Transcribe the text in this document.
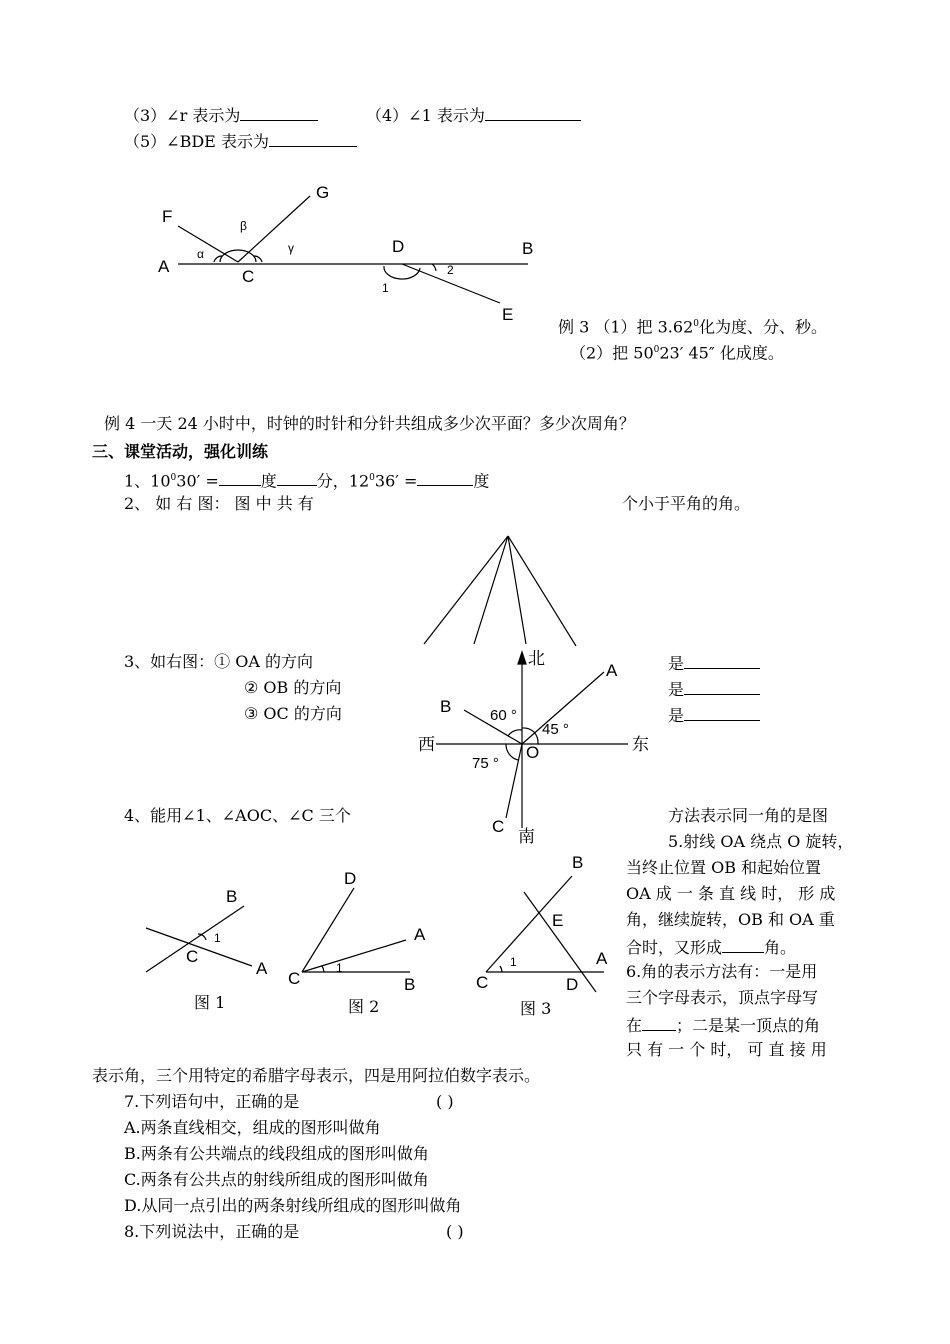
（3）∠r 表示为	（4）∠1 表示为
（5）∠BDE 表示为
F
G
A
C
D	B
E
α
β
γ
1
2
例 3 （1）把 3.62$^0$化为度、分、秒。
（2）把 $50^023'$ 45″ 化成度。
例 4 一天 24 小时中，时钟的时针和分针共组成多少次平面？多少次周角？
三、课堂活动，强化训练
1、$10^030'$ =	度	分，$12^036'$ =	度
2、 如 右 图： 图 中 共 有	个小于平角的角。
3、如右图：① OA 的方向
② OB 的方向
③ OC 的方向
是
是
是
北
南
西	东
A
B
C
O
60 °
45 °
75 °
4、能用∠1、∠AOC、∠C 三个	方法表示同一角的是图
5.射线 OA 绕点 O 旋转，
当终止位置 OB 和起始位置
OA 成 一 条 直 线 时， 形 成
角，继续旋转，OB 和 OA 重
合时，又形成	角。
6.角的表示方法有：一是用
三个字母表示，顶点字母写
在 ；二是某一顶点的角
只 有 一 个 时， 可 直 接 用
表示角，三个用特定的希腊字母表示，四是用阿拉伯数字表示。
B
C
A
1
D
A
C	B
1
B
E
A
D
C
1
图 1	图 2	图 3
7.下列语句中，正确的是	( )
A.两条直线相交，组成的图形叫做角
B.两条有公共端点的线段组成的图形叫做角
C.两条有公共点的射线所组成的图形叫做角
D.从同一点引出的两条射线所组成的图形叫做角
8.下列说法中，正确的是	( )
